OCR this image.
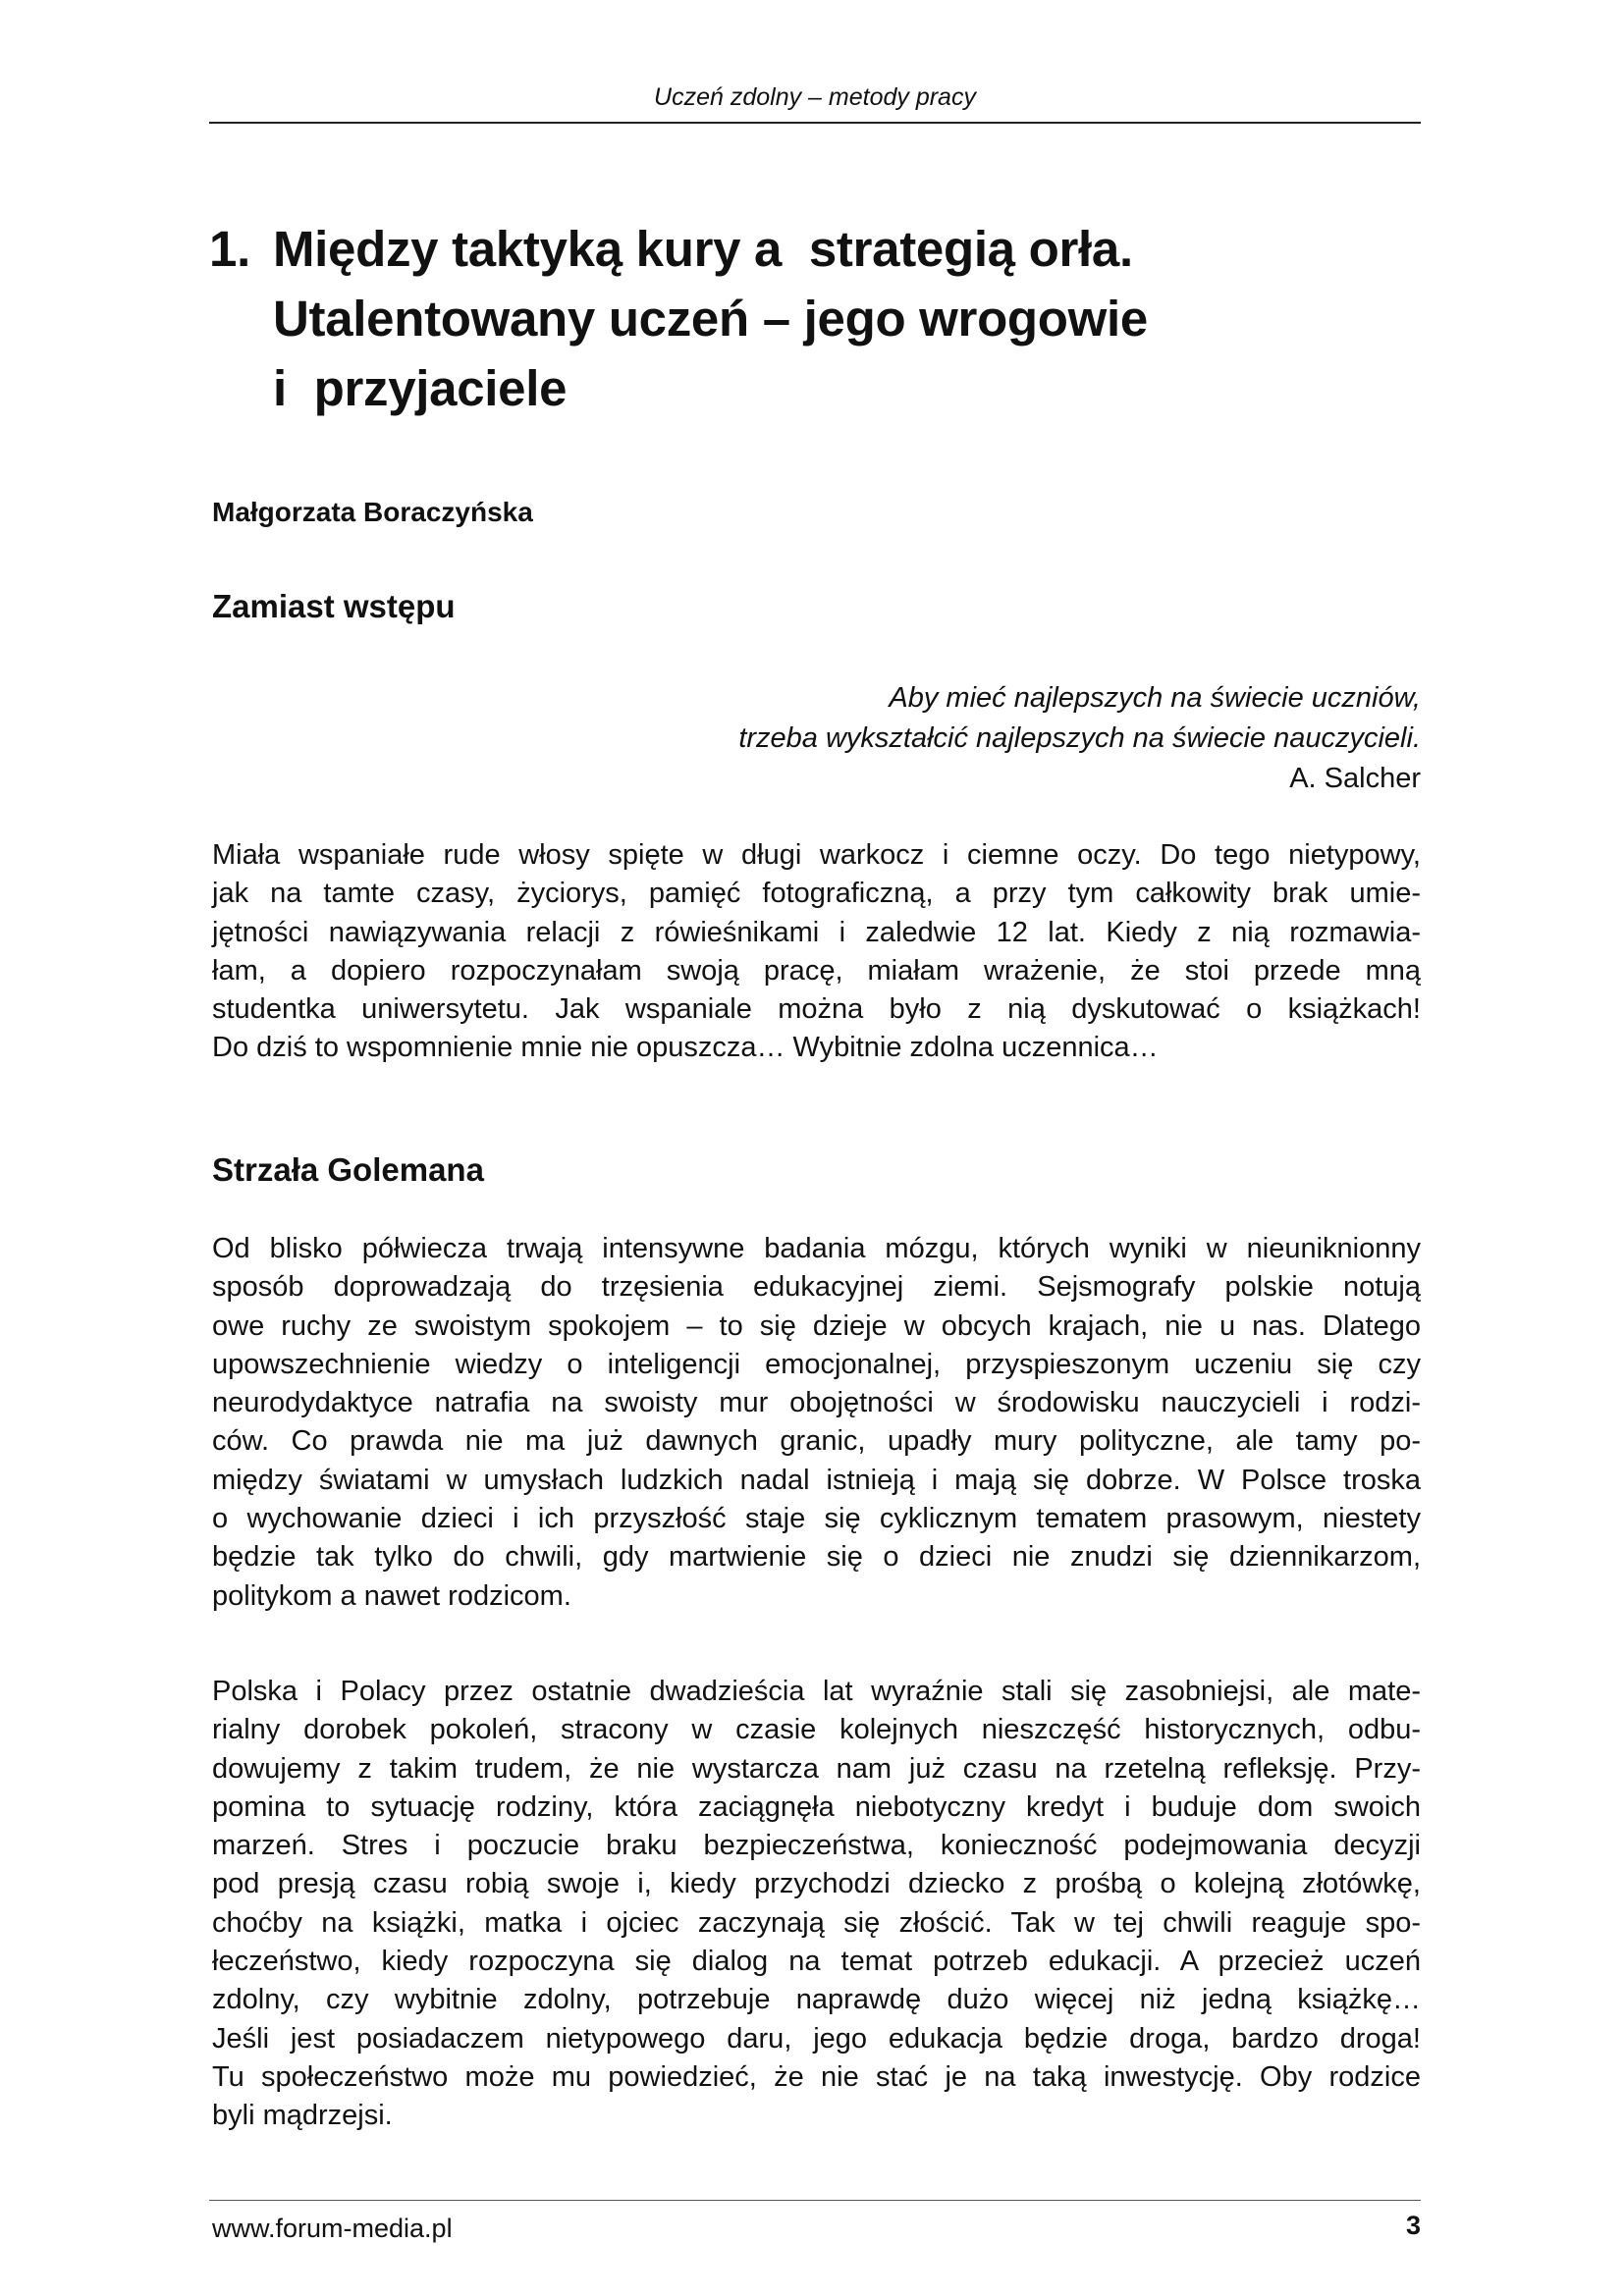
Uczeń zdolny – metody pracy
1. Między taktyką kury a  strategią orła.
Utalentowany uczeń – jego wrogowie
i  przyjaciele
Małgorzata Boraczyńska
Zamiast wstępu
Aby mieć najlepszych na świecie uczniów,
trzeba wykształcić najlepszych na świecie nauczycieli.
A. Salcher
Miała wspaniałe rude włosy spięte w długi warkocz i ciemne oczy. Do tego nietypowy,
jak na tamte czasy, życiorys, pamięć fotograficzną, a przy tym całkowity brak umie-
jętności nawiązywania relacji z rówieśnikami i zaledwie 12 lat. Kiedy z nią rozmawia-
łam, a dopiero rozpoczynałam swoją pracę, miałam wrażenie, że stoi przede mną
studentka uniwersytetu. Jak wspaniale można było z nią dyskutować o książkach!
Do dziś to wspomnienie mnie nie opuszcza… Wybitnie zdolna uczennica…
Strzała Golemana
Od blisko półwiecza trwają intensywne badania mózgu, których wyniki w nieuniknionny
sposób doprowadzają do trzęsienia edukacyjnej ziemi. Sejsmografy polskie notują
owe ruchy ze swoistym spokojem – to się dzieje w obcych krajach, nie u nas. Dlatego
upowszechnienie wiedzy o inteligencji emocjonalnej, przyspieszonym uczeniu się czy
neurodydaktyce natrafia na swoisty mur obojętności w środowisku nauczycieli i rodzi-
ców. Co prawda nie ma już dawnych granic, upadły mury polityczne, ale tamy po-
między światami w umysłach ludzkich nadal istnieją i mają się dobrze. W Polsce troska
o wychowanie dzieci i ich przyszłość staje się cyklicznym tematem prasowym, niestety
będzie tak tylko do chwili, gdy martwienie się o dzieci nie znudzi się dziennikarzom,
politykom a nawet rodzicom.
Polska i Polacy przez ostatnie dwadzieścia lat wyraźnie stali się zasobniejsi, ale mate-
rialny dorobek pokoleń, stracony w czasie kolejnych nieszczęść historycznych, odbu-
dowujemy z takim trudem, że nie wystarcza nam już czasu na rzetelną refleksję. Przy-
pomina to sytuację rodziny, która zaciągnęła niebotyczny kredyt i buduje dom swoich
marzeń. Stres i poczucie braku bezpieczeństwa, konieczność podejmowania decyzji
pod presją czasu robią swoje i, kiedy przychodzi dziecko z prośbą o kolejną złotówkę,
choćby na książki, matka i ojciec zaczynają się złościć. Tak w tej chwili reaguje spo-
łeczeństwo, kiedy rozpoczyna się dialog na temat potrzeb edukacji. A przecież uczeń
zdolny, czy wybitnie zdolny, potrzebuje naprawdę dużo więcej niż jedną książkę…
Jeśli jest posiadaczem nietypowego daru, jego edukacja będzie droga, bardzo droga!
Tu społeczeństwo może mu powiedzieć, że nie stać je na taką inwestycję. Oby rodzice
byli mądrzejsi.
www.forum-media.pl	3
